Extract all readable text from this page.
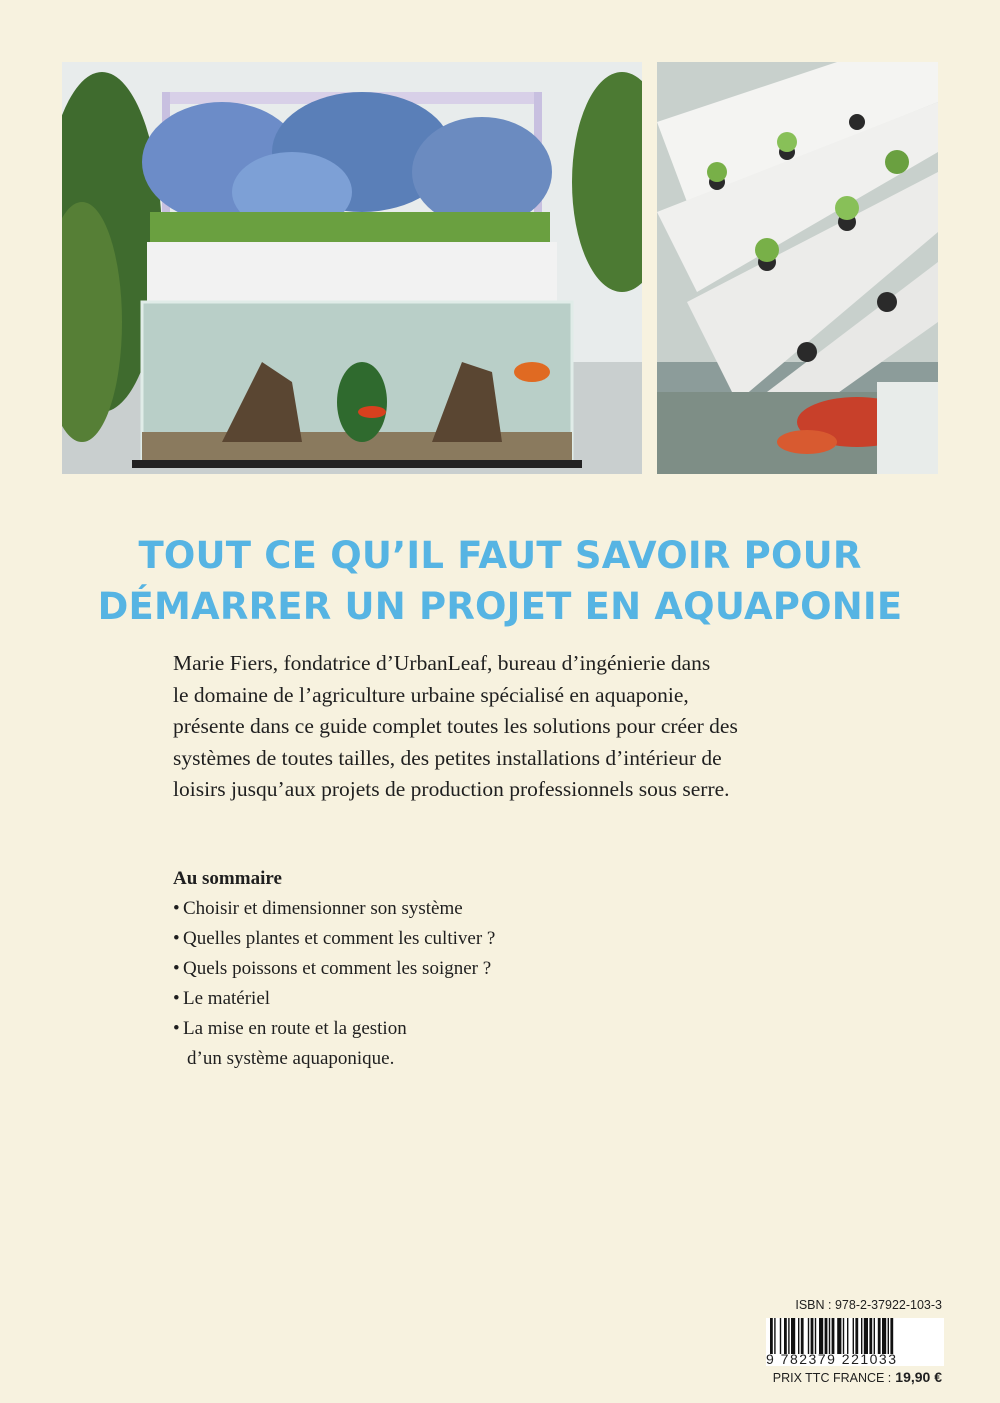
TOUT CE QU’IL FAUT SAVOIR POUR
DÉMARRER UN PROJET EN AQUAPONIE
Marie Fiers, fondatrice d’UrbanLeaf, bureau d’ingénierie dans
le domaine de l’agriculture urbaine spécialisé en aquaponie,
présente dans ce guide complet toutes les solutions pour créer des
systèmes de toutes tailles, des petites installations d’intérieur de
loisirs jusqu’aux projets de production professionnels sous serre.
Au sommaire
• Choisir et dimensionner son système
• Quelles plantes et comment les cultiver ?
• Quels poissons et comment les soigner ?
• Le matériel
• La mise en route et la gestion
d’un système aquaponique.
ISBN : 978-2-37922-103-3
9 782379 221033
PRIX TTC FRANCE : 19,90 €
